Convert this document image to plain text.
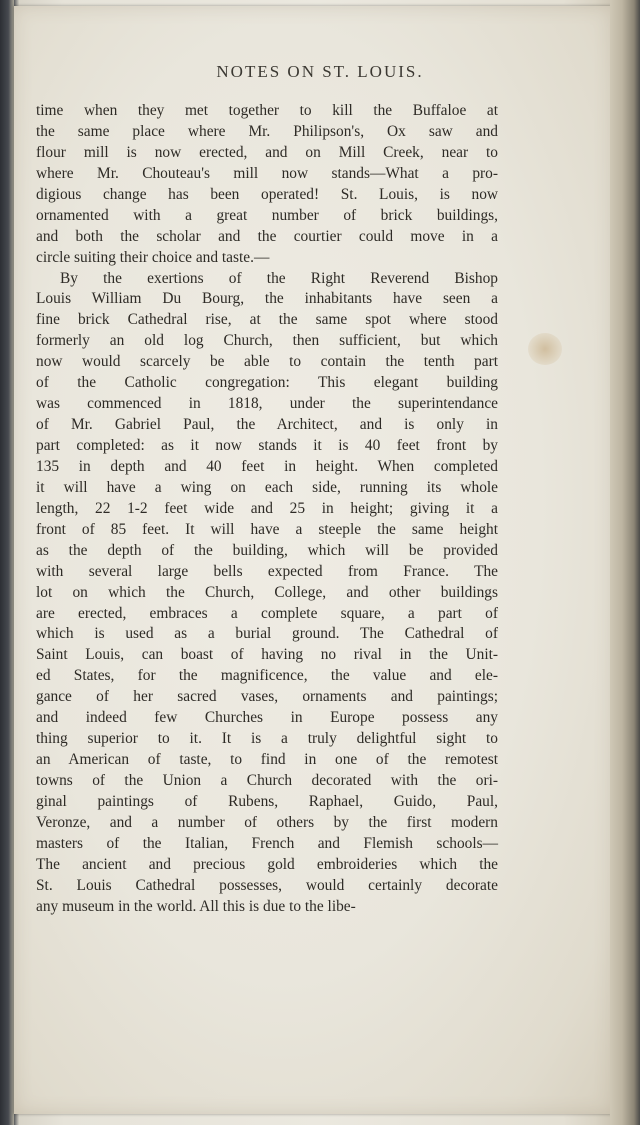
NOTES ON ST. LOUIS.
time when they met together to kill the Buffaloe at
the same place where Mr. Philipson's, Ox saw and
flour mill is now erected, and on Mill Creek, near to
where Mr. Chouteau's mill now stands—What a pro-
digious change has been operated! St. Louis, is now
ornamented with a great number of brick buildings,
and both the scholar and the courtier could move in a
circle suiting their choice and taste.—
By the exertions of the Right Reverend Bishop
Louis William Du Bourg, the inhabitants have seen a
fine brick Cathedral rise, at the same spot where stood
formerly an old log Church, then sufficient, but which
now would scarcely be able to contain the tenth part
of the Catholic congregation: This elegant building
was commenced in 1818, under the superintendance
of Mr. Gabriel Paul, the Architect, and is only in
part completed: as it now stands it is 40 feet front by
135 in depth and 40 feet in height. When completed
it will have a wing on each side, running its whole
length, 22 1-2 feet wide and 25 in height; giving it a
front of 85 feet. It will have a steeple the same height
as the depth of the building, which will be provided
with several large bells expected from France. The
lot on which the Church, College, and other buildings
are erected, embraces a complete square, a part of
which is used as a burial ground. The Cathedral of
Saint Louis, can boast of having no rival in the Unit-
ed States, for the magnificence, the value and ele-
gance of her sacred vases, ornaments and paintings;
and indeed few Churches in Europe possess any
thing superior to it. It is a truly delightful sight to
an American of taste, to find in one of the remotest
towns of the Union a Church decorated with the ori-
ginal paintings of Rubens, Raphael, Guido, Paul,
Veronze, and a number of others by the first modern
masters of the Italian, French and Flemish schools—
The ancient and precious gold embroideries which the
St. Louis Cathedral possesses, would certainly decorate
any museum in the world. All this is due to the libe-
